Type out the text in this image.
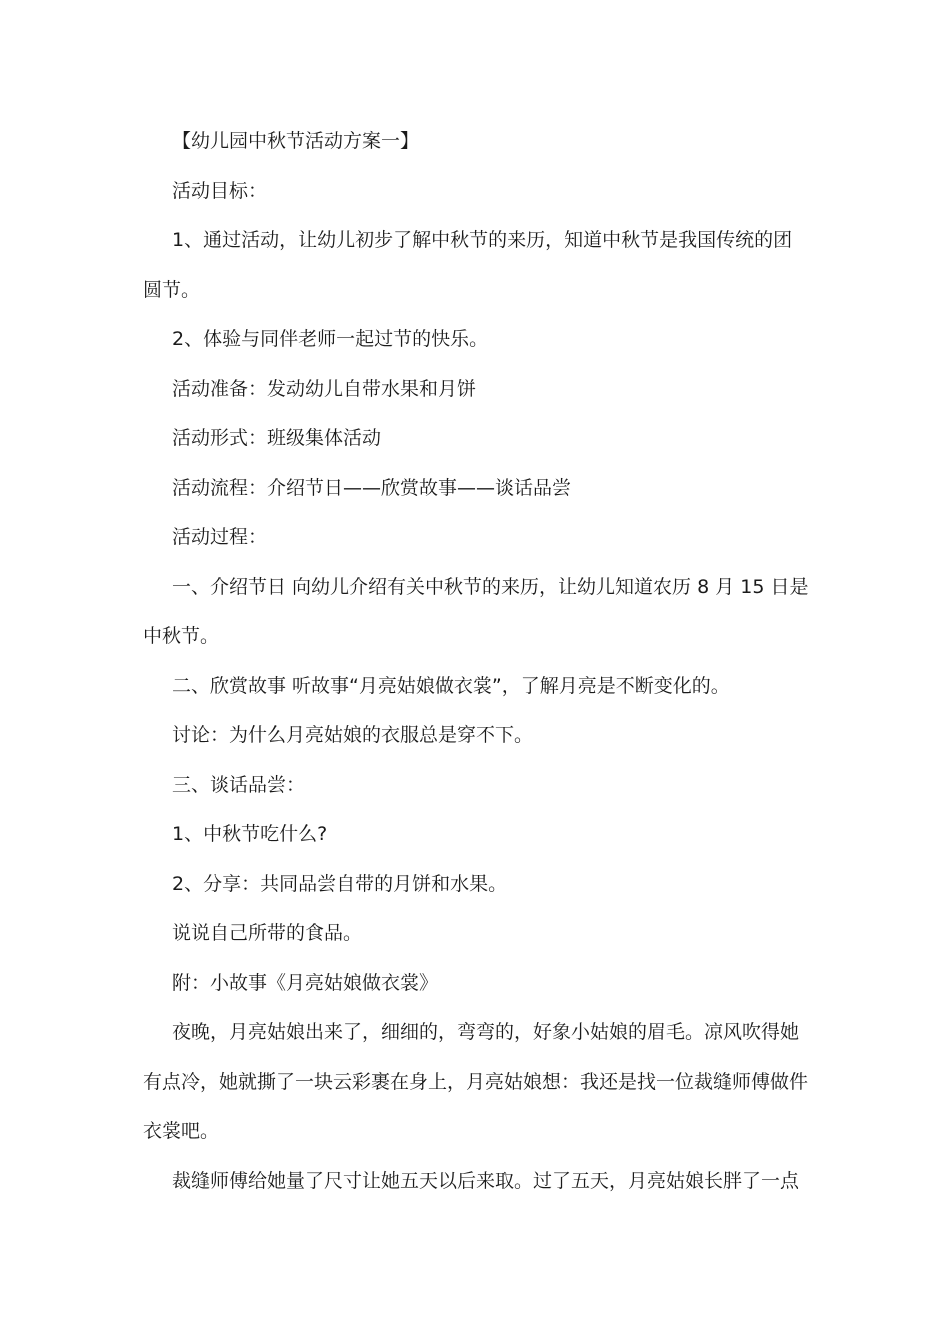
【幼儿园中秋节活动方案一】

活动目标：

1、通过活动，让幼儿初步了解中秋节的来历，知道中秋节是我国传统的团圆节。

2、体验与同伴老师一起过节的快乐。

活动准备：发动幼儿自带水果和月饼

活动形式：班级集体活动

活动流程：介绍节日——欣赏故事——谈话品尝

活动过程：

一、介绍节日 向幼儿介绍有关中秋节的来历，让幼儿知道农历 8 月 15 日是中秋节。

二、欣赏故事 听故事“月亮姑娘做衣裳”，了解月亮是不断变化的。

讨论：为什么月亮姑娘的衣服总是穿不下。

三、谈话品尝：

1、中秋节吃什么?

2、分享：共同品尝自带的月饼和水果。

说说自己所带的食品。

附：小故事《月亮姑娘做衣裳》

夜晚，月亮姑娘出来了，细细的，弯弯的，好象小姑娘的眉毛。凉风吹得她有点冷，她就撕了一块云彩裹在身上，月亮姑娘想：我还是找一位裁缝师傅做件衣裳吧。

裁缝师傅给她量了尺寸让她五天以后来取。过了五天，月亮姑娘长胖了一点
